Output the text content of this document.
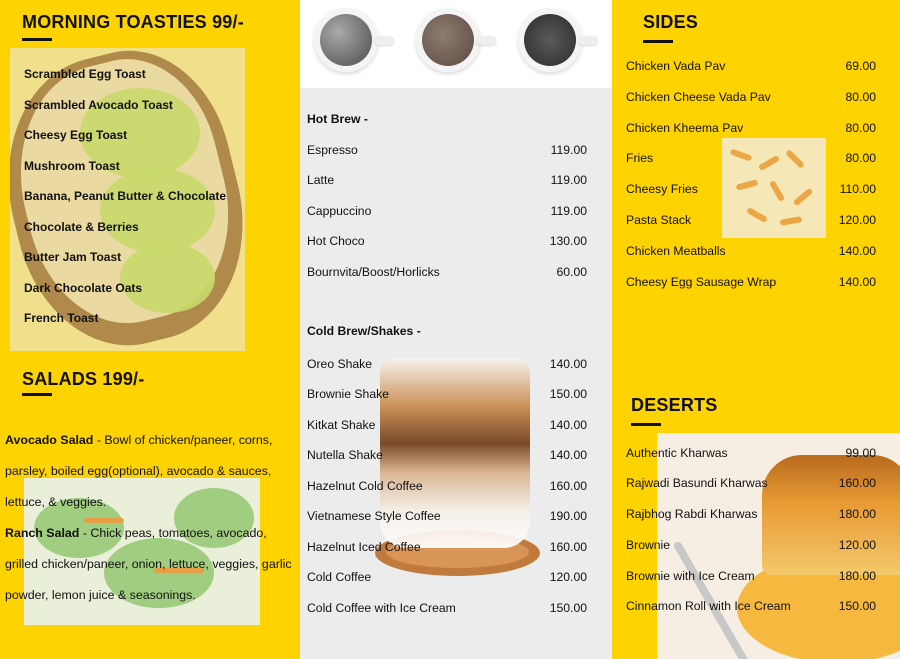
MORNING TOASTIES 99/-
Scrambled Egg Toast
Scrambled Avocado Toast
Cheesy Egg Toast
Mushroom Toast
Banana, Peanut Butter & Chocolate
Chocolate & Berries
Butter Jam Toast
Dark Chocolate Oats
French Toast
SALADS 199/-
Avocado Salad - Bowl of chicken/paneer, corns, parsley, boiled egg(optional), avocado & sauces, lettuce, & veggies.
Ranch Salad - Chick peas, tomatoes, avocado, grilled chicken/paneer, onion, lettuce, veggies, garlic powder, lemon juice & seasonings.
Hot Brew -
Espresso	119.00
Latte	119.00
Cappuccino	119.00
Hot Choco	130.00
Bournvita/Boost/Horlicks	60.00
Cold Brew/Shakes -
Oreo Shake	140.00
Brownie Shake	150.00
Kitkat Shake	140.00
Nutella Shake	140.00
Hazelnut Cold Coffee	160.00
Vietnamese Style Coffee	190.00
Hazelnut Iced Coffee	160.00
Cold Coffee	120.00
Cold Coffee with Ice Cream	150.00
SIDES
Chicken Vada Pav	69.00
Chicken Cheese Vada Pav	80.00
Chicken Kheema Pav	80.00
Fries	80.00
Cheesy Fries	110.00
Pasta Stack	120.00
Chicken Meatballs	140.00
Cheesy Egg Sausage Wrap	140.00
DESERTS
Authentic Kharwas	99.00
Rajwadi Basundi Kharwas	160.00
Rajbhog Rabdi Kharwas	180.00
Brownie	120.00
Brownie with Ice Cream	180.00
Cinnamon Roll with Ice Cream	150.00
